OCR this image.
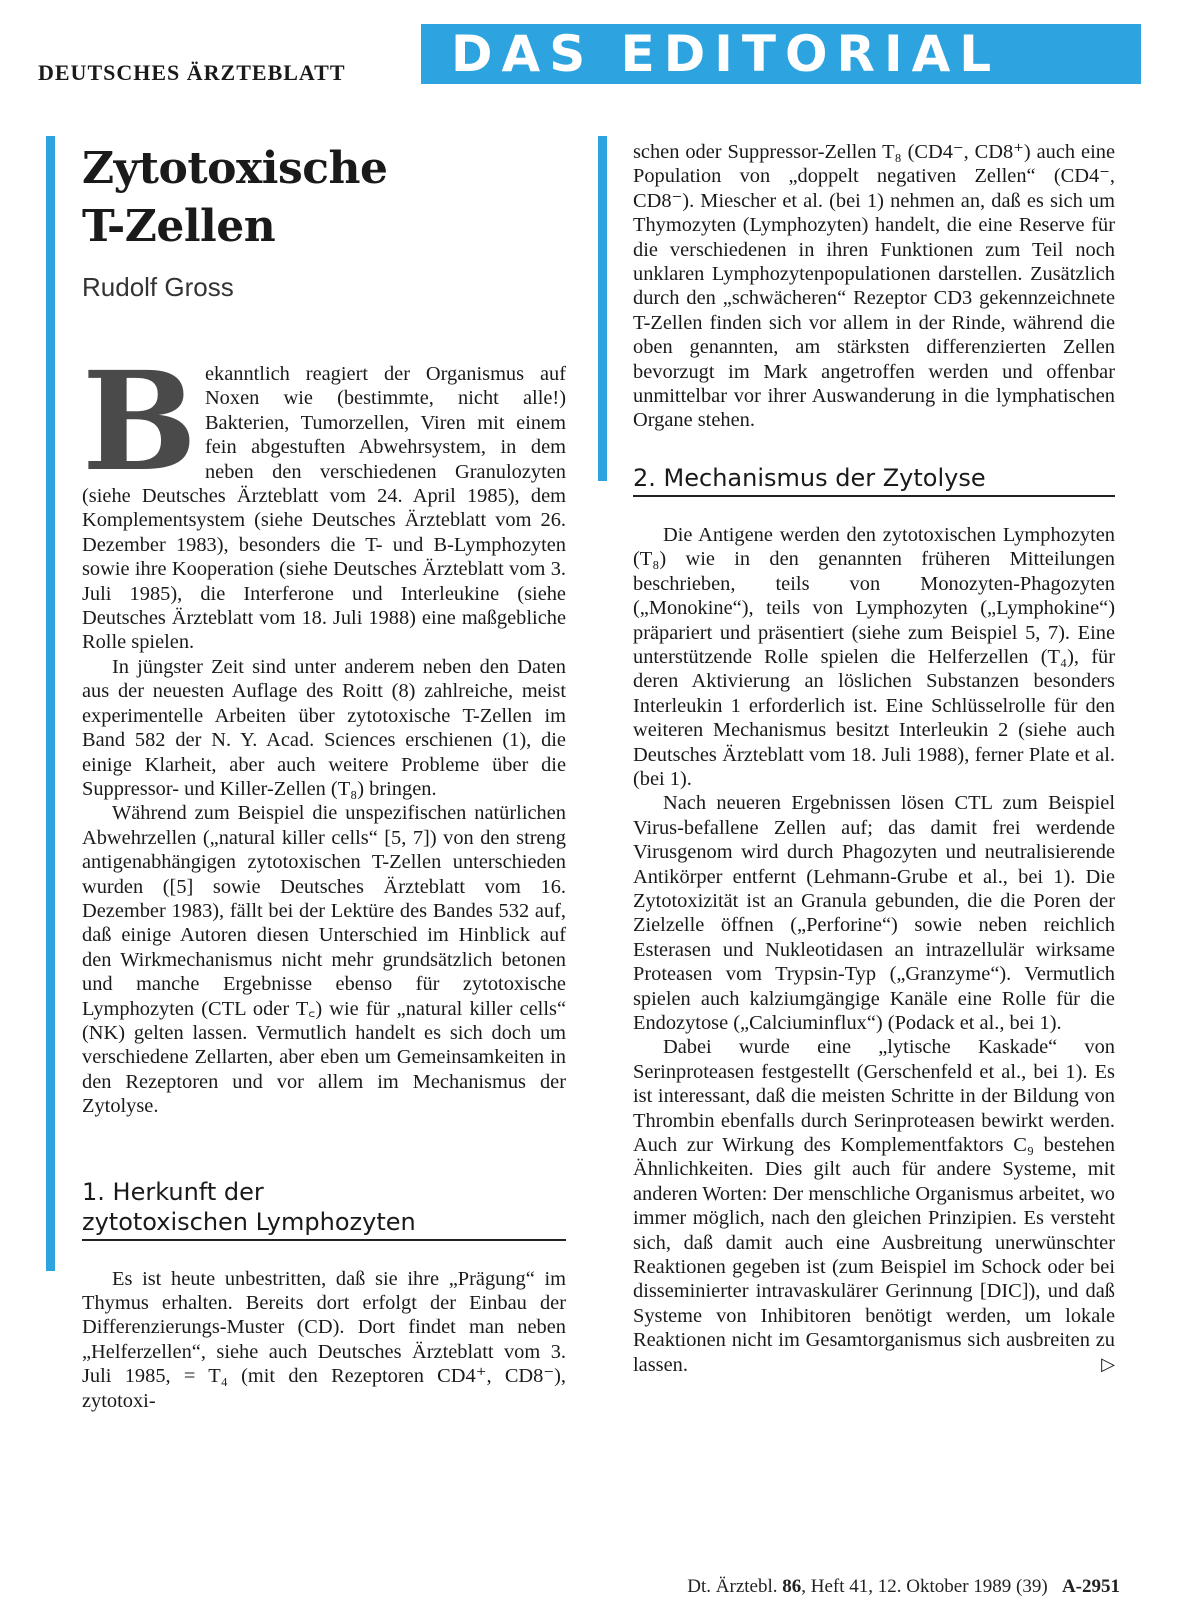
DEUTSCHES ÄRZTEBLATT	DAS EDITORIAL
Zytotoxische
T-Zellen
Rudolf Gross

B ekanntlich reagiert der Organismus auf Noxen wie (bestimmte, nicht alle!) Bakterien, Tumorzellen, Viren mit einem fein abgestuften Abwehrsystem, in dem neben den verschiedenen Granulozyten (siehe Deutsches Ärzteblatt vom 24. April 1985), dem Komplementsystem (siehe Deutsches Ärzteblatt vom 26. Dezember 1983), besonders die T- und B-Lymphozyten sowie ihre Kooperation (siehe Deutsches Ärzteblatt vom 3. Juli 1985), die Interferone und Interleukine (siehe Deutsches Ärzteblatt vom 18. Juli 1988) eine maßgebliche Rolle spielen.

In jüngster Zeit sind unter anderem neben den Daten aus der neuesten Auflage des Roitt (8) zahlreiche, meist experimentelle Arbeiten über zytotoxische T-Zellen im Band 582 der N. Y. Acad. Sciences erschienen (1), die einige Klarheit, aber auch weitere Probleme über die Suppressor- und Killer-Zellen (T₈) bringen.

Während zum Beispiel die unspezifischen natürlichen Abwehrzellen („natural killer cells“ [5, 7]) von den streng antigenabhängigen zytotoxischen T-Zellen unterschieden wurden ([5] sowie Deutsches Ärzteblatt vom 16. Dezember 1983), fällt bei der Lektüre des Bandes 532 auf, daß einige Autoren diesen Unterschied im Hinblick auf den Wirkmechanismus nicht mehr grundsätzlich betonen und manche Ergebnisse ebenso für zytotoxische Lymphozyten (CTL oder T꜀) wie für „natural killer cells“ (NK) gelten lassen. Vermutlich handelt es sich doch um verschiedene Zellarten, aber eben um Gemeinsamkeiten in den Rezeptoren und vor allem im Mechanismus der Zytolyse.

1. Herkunft der
zytotoxischen Lymphozyten

Es ist heute unbestritten, daß sie ihre „Prägung“ im Thymus erhalten. Bereits dort erfolgt der Einbau der Differenzierungs-Muster (CD). Dort findet man neben „Helferzellen“, siehe auch Deutsches Ärzteblatt vom 3. Juli 1985, = T₄ (mit den Rezeptoren CD4⁺, CD8⁻), zytotoxi-

schen oder Suppressor-Zellen T₈ (CD4⁻, CD8⁺) auch eine Population von „doppelt negativen Zellen“ (CD4⁻, CD8⁻). Miescher et al. (bei 1) nehmen an, daß es sich um Thymozyten (Lymphozyten) handelt, die eine Reserve für die verschiedenen in ihren Funktionen zum Teil noch unklaren Lymphozytenpopulationen darstellen. Zusätzlich durch den „schwächeren“ Rezeptor CD3 gekennzeichnete T-Zellen finden sich vor allem in der Rinde, während die oben genannten, am stärksten differenzierten Zellen bevorzugt im Mark angetroffen werden und offenbar unmittelbar vor ihrer Auswanderung in die lymphatischen Organe stehen.

2. Mechanismus der Zytolyse

Die Antigene werden den zytotoxischen Lymphozyten (T₈) wie in den genannten früheren Mitteilungen beschrieben, teils von Monozyten-Phagozyten („Monokine“), teils von Lymphozyten („Lymphokine“) präpariert und präsentiert (siehe zum Beispiel 5, 7). Eine unterstützende Rolle spielen die Helferzellen (T₄), für deren Aktivierung an löslichen Substanzen besonders Interleukin 1 erforderlich ist. Eine Schlüsselrolle für den weiteren Mechanismus besitzt Interleukin 2 (siehe auch Deutsches Ärzteblatt vom 18. Juli 1988), ferner Plate et al. (bei 1).

Nach neueren Ergebnissen lösen CTL zum Beispiel Virus-befallene Zellen auf; das damit frei werdende Virusgenom wird durch Phagozyten und neutralisierende Antikörper entfernt (Lehmann-Grube et al., bei 1). Die Zytotoxizität ist an Granula gebunden, die die Poren der Zielzelle öffnen („Perforine“) sowie neben reichlich Esterasen und Nukleotidasen an intrazellulär wirksame Proteasen vom Trypsin-Typ („Granzyme“). Vermutlich spielen auch kalziumgängige Kanäle eine Rolle für die Endozytose („Calciuminflux“) (Podack et al., bei 1).

Dabei wurde eine „lytische Kaskade“ von Serinproteasen festgestellt (Gerschenfeld et al., bei 1). Es ist interessant, daß die meisten Schritte in der Bildung von Thrombin ebenfalls durch Serinproteasen bewirkt werden. Auch zur Wirkung des Komplementfaktors C₉ bestehen Ähnlichkeiten. Dies gilt auch für andere Systeme, mit anderen Worten: Der menschliche Organismus arbeitet, wo immer möglich, nach den gleichen Prinzipien. Es versteht sich, daß damit auch eine Ausbreitung unerwünschter Reaktionen gegeben ist (zum Beispiel im Schock oder bei disseminierter intravaskulärer Gerinnung [DIC]), und daß Systeme von Inhibitoren benötigt werden, um lokale Reaktionen nicht im Gesamtorganismus sich ausbreiten zu lassen.	▷

Dt. Ärztebl. 86, Heft 41, 12. Oktober 1989 (39) A-2951
